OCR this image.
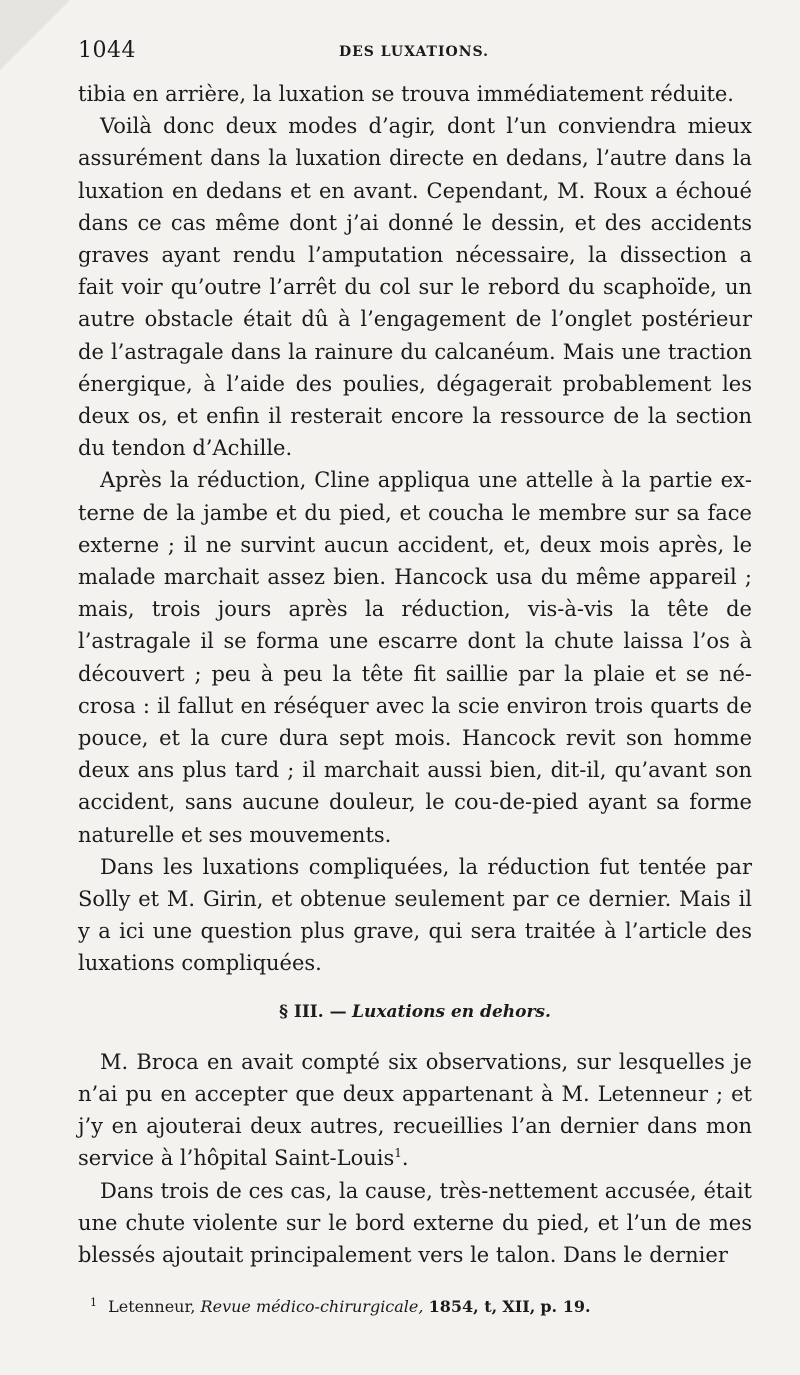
1044	DES LUXATIONS.

tibia en arrière, la luxation se trouva immédiatement réduite.

Voilà donc deux modes d’agir, dont l’un conviendra mieux assurément dans la luxation directe en dedans, l’autre dans la luxation en dedans et en avant. Cependant, M. Roux a échoué dans ce cas même dont j’ai donné le dessin, et des accidents graves ayant rendu l’amputation nécessaire, la dissection a fait voir qu’outre l’arrêt du col sur le rebord du scaphoïde, un autre obstacle était dû à l’engagement de l’onglet postérieur de l’astragale dans la rainure du calcanéum. Mais une traction énergique, à l’aide des poulies, dégagerait probablement les deux os, et enfin il resterait encore la ressource de la section du tendon d’Achille.

Après la réduction, Cline appliqua une attelle à la partie externe de la jambe et du pied, et coucha le membre sur sa face externe ; il ne survint aucun accident, et, deux mois après, le malade marchait assez bien. Hancock usa du même appareil ; mais, trois jours après la réduction, vis-à-vis la tête de l’astragale il se forma une escarre dont la chute laissa l’os à découvert ; peu à peu la tête fit saillie par la plaie et se nécrosa : il fallut en réséquer avec la scie environ trois quarts de pouce, et la cure dura sept mois. Hancock revit son homme deux ans plus tard ; il marchait aussi bien, dit-il, qu’avant son accident, sans aucune douleur, le cou-de-pied ayant sa forme naturelle et ses mouvements.

Dans les luxations compliquées, la réduction fut tentée par Solly et M. Girin, et obtenue seulement par ce dernier. Mais il y a ici une question plus grave, qui sera traitée à l’article des luxations compliquées.

§ III. — Luxations en dehors.

M. Broca en avait compté six observations, sur lesquelles je n’ai pu en accepter que deux appartenant à M. Letenneur ; et j’y en ajouterai deux autres, recueillies l’an dernier dans mon service à l’hôpital Saint-Louis$^1$.

Dans trois de ces cas, la cause, très-nettement accusée, était une chute violente sur le bord externe du pied, et l’un de mes blessés ajoutait principalement vers le talon. Dans le dernier

$^1$ Letenneur, Revue médico-chirurgicale, 1854, t, XII, p. 19.
